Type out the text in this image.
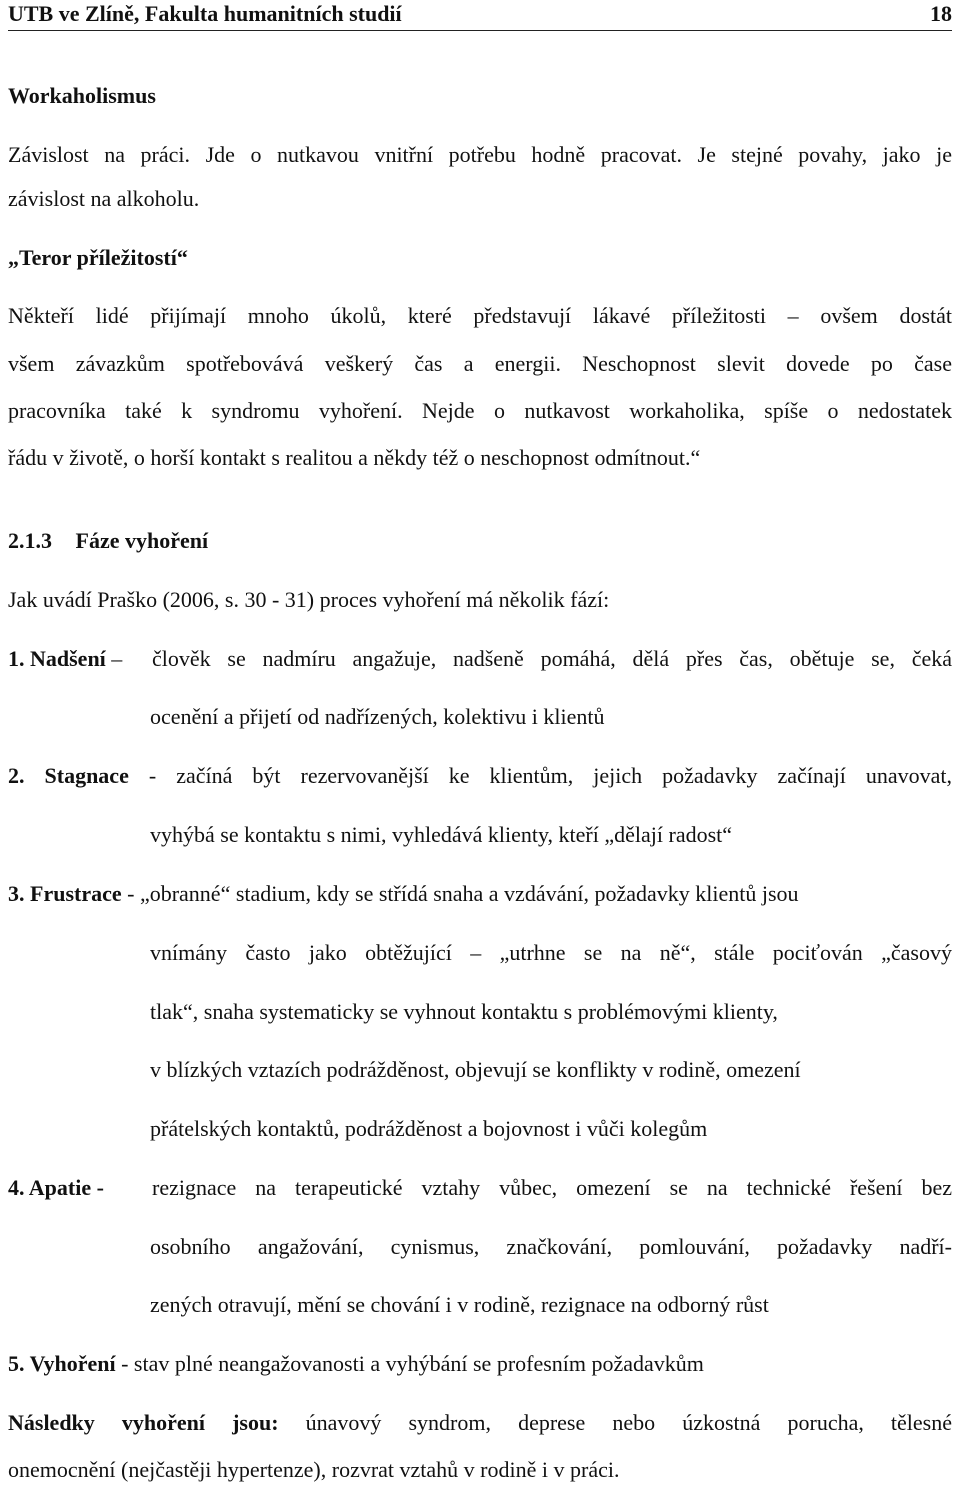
UTB ve Zlíně, Fakulta humanitních studií	18
Workaholismus
Závislost na práci. Jde o nutkavou vnitřní potřebu hodně pracovat. Je stejné povahy, jako je
závislost na alkoholu.
„Teror příležitostí“
Někteří lidé přijímají mnoho úkolů, které představují lákavé příležitosti – ovšem dostát
všem závazkům spotřebovává veškerý čas a energii. Neschopnost slevit dovede po čase
pracovníka také k syndromu vyhoření. Nejde o nutkavost workaholika, spíše o nedostatek
řádu v životě, o horší kontakt s realitou a někdy též o neschopnost odmítnout.“
2.1.3 Fáze vyhoření
Jak uvádí Praško (2006, s. 30 - 31) proces vyhoření má několik fází:
1. Nadšení –	člověk se nadmíru angažuje, nadšeně pomáhá, dělá přes čas, obětuje se, čeká
ocenění a přijetí od nadřízených, kolektivu i klientů
2. Stagnace - začíná být rezervovanější ke klientům, jejich požadavky začínají unavovat,
vyhýbá se kontaktu s nimi, vyhledává klienty, kteří „dělají radost“
3. Frustrace - „obranné“ stadium, kdy se střídá snaha a vzdávání, požadavky klientů jsou
vnímány často jako obtěžující – „utrhne se na ně“, stále pociťován „časový
tlak“, snaha systematicky se vyhnout kontaktu s problémovými klienty,
v blízkých vztazích podrážděnost, objevují se konflikty v rodině, omezení
přátelských kontaktů, podrážděnost a bojovnost i vůči kolegům
4. Apatie -	rezignace na terapeutické vztahy vůbec, omezení se na technické řešení bez
osobního angažování, cynismus, značkování, pomlouvání, požadavky nadří-
zených otravují, mění se chování i v rodině, rezignace na odborný růst
5. Vyhoření - stav plné neangažovanosti a vyhýbání se profesním požadavkům
Následky vyhoření jsou: únavový syndrom, deprese nebo úzkostná porucha, tělesné
onemocnění (nejčastěji hypertenze), rozvrat vztahů v rodině i v práci.
